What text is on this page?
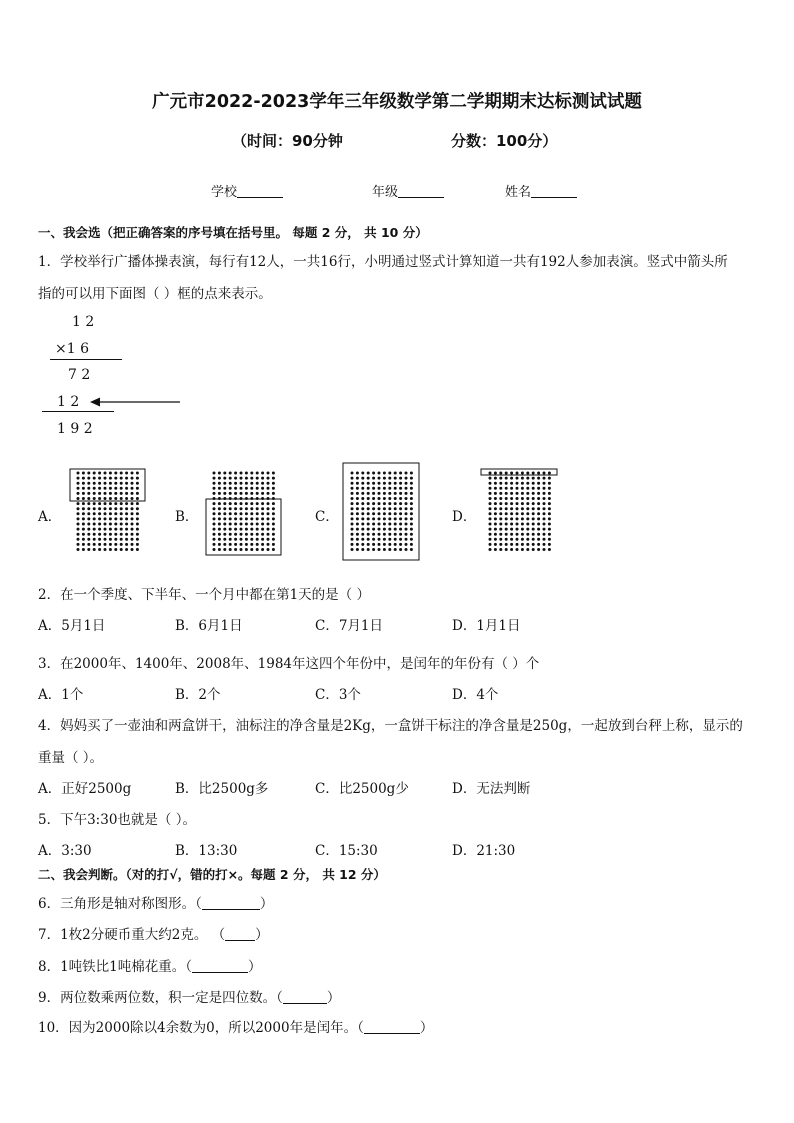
广元市2022-2023学年三年级数学第二学期期末达标测试试题
（时间：90分钟	分数：100分）
学校	年级	姓名
一、我会选（把正确答案的序号填在括号里。 每题 2 分， 共 10 分）
1．学校举行广播体操表演，每行有12人，一共16行，小明通过竖式计算知道一共有192人参加表演。竖式中箭头所
指的可以用下面图（ ）框的点来表示。
1 2
×1 6
7 2
1 2
1 9 2
A．	B．	C．	D．
2．在一个季度、下半年、一个月中都在第1天的是（ ）
A．5月1日	B．6月1日	C．7月1日	D．1月1日
3．在2000年、1400年、2008年、1984年这四个年份中，是闰年的年份有（ ）个
A．1个	B．2个	C．3个	D．4个
4．妈妈买了一壶油和两盒饼干，油标注的净含量是2Kg，一盒饼干标注的净含量是250g，一起放到台秤上称，显示的
重量（ ）。
A．正好2500g	B．比2500g多	C．比2500g少	D．无法判断
5．下午3:30也就是（ ）。
A．3:30	B．13:30	C．15:30	D．21:30
二、我会判断。（对的打√，错的打×。每题 2 分， 共 12 分）
6．三角形是轴对称图形。（	）
7．1枚2分硬币重大约2克。 （ ）
8．1吨铁比1吨棉花重。（	）
9．两位数乘两位数，积一定是四位数。（	）
10．因为2000除以4余数为0，所以2000年是闰年。（	）
